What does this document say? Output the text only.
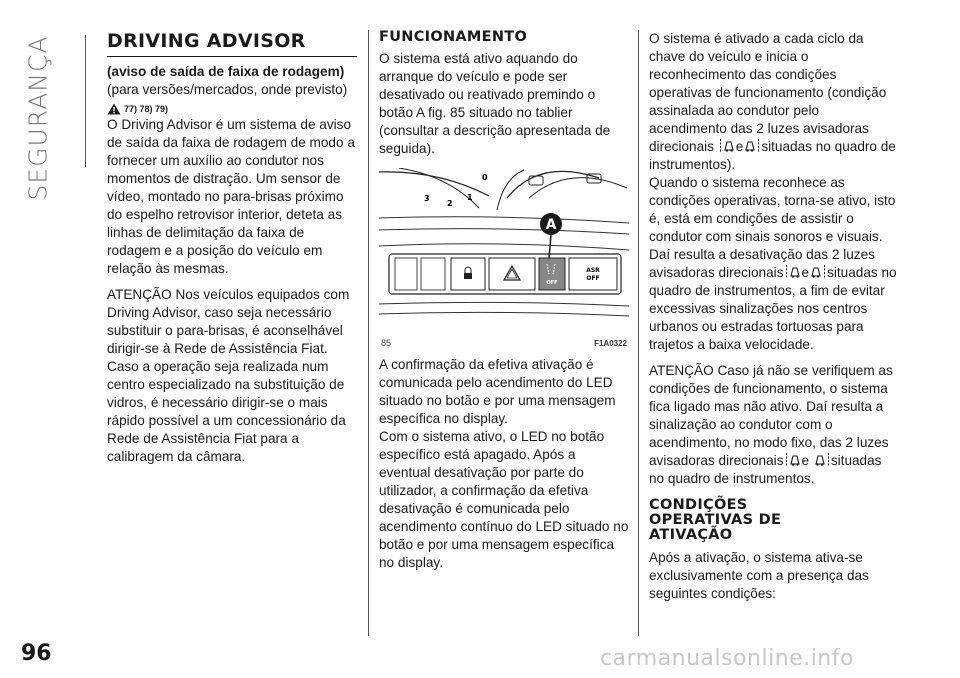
SEGURANÇA
96	carmanualsonline.info
DRIVING ADVISOR
(aviso de saída de faixa de rodagem)

(para versões/mercados, onde previsto)

77) 78) 79)

O Driving Advisor é um sistema de aviso de saída da faixa de rodagem de modo a fornecer um auxílio ao condutor nos momentos de distração. Um sensor de vídeo, montado no para-brisas próximo do espelho retrovisor interior, deteta as linhas de delimitação da faixa de rodagem e a posição do veículo em relação às mesmas.

ATENÇÃO Nos veículos equipados com Driving Advisor, caso seja necessário substituir o para-brisas, é aconselhável dirigir-se à Rede de Assistência Fiat. Caso a operação seja realizada num centro especializado na substituição de vidros, é necessário dirigir-se o mais rápido possível a um concessionário da Rede de Assistência Fiat para a calibragem da câmara.

FUNCIONAMENTO

O sistema está ativo aquando do arranque do veículo e pode ser desativado ou reativado premindo o botão A fig. 85 situado no tablier (consultar a descrição apresentada de seguida).

3
2
1
0
A
OFF
ASR
OFF
85	F1A0322

A confirmação da efetiva ativação é comunicada pelo acendimento do LED situado no botão e por uma mensagem específica no display.

Com o sistema ativo, o LED no botão específico está apagado. Após a eventual desativação por parte do utilizador, a confirmação da efetiva desativação é comunicada pelo acendimento contínuo do LED situado no botão e por uma mensagem específica no display.

O sistema é ativado a cada ciclo da chave do veículo e inicia o reconhecimento das condições operativas de funcionamento (condição assinalada ao condutor pelo acendimento das 2 luzes avisadoras direcionais e situadas no quadro de instrumentos).

Quando o sistema reconhece as condições operativas, torna-se ativo, isto é, está em condições de assistir o condutor com sinais sonoros e visuais. Daí resulta a desativação das 2 luzes avisadoras direcionais e situadas no quadro de instrumentos, a fim de evitar excessivas sinalizações nos centros urbanos ou estradas tortuosas para trajetos a baixa velocidade.

ATENÇÃO Caso já não se verifiquem as condições de funcionamento, o sistema fica ligado mas não ativo. Daí resulta a sinalização ao condutor com o acendimento, no modo fixo, das 2 luzes avisadoras direcionais e situadas no quadro de instrumentos.

CONDIÇÕES OPERATIVAS DE ATIVAÇÃO

Após a ativação, o sistema ativa-se exclusivamente com a presença das seguintes condições:
